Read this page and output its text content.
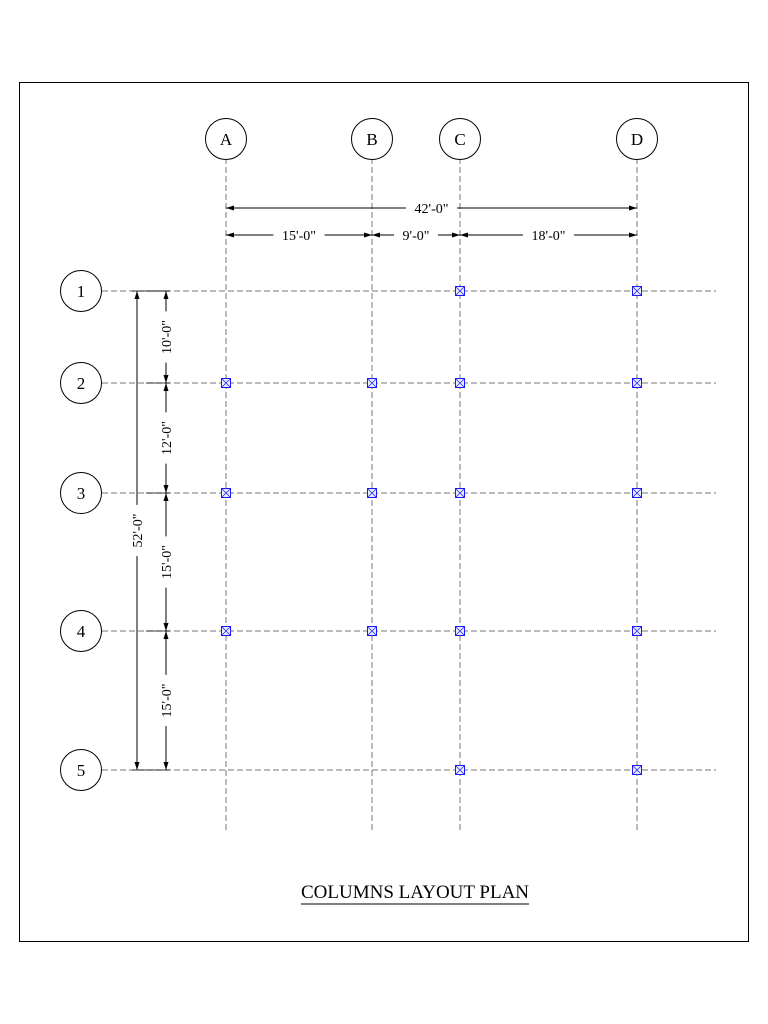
42'-0"
15'-0"	9'-0"	18'-0"
10'-0"
12'-0"
15'-0"
15'-0"
52'-0"
A	B	C	D
1
2
3
4
5
COLUMNS LAYOUT PLAN
